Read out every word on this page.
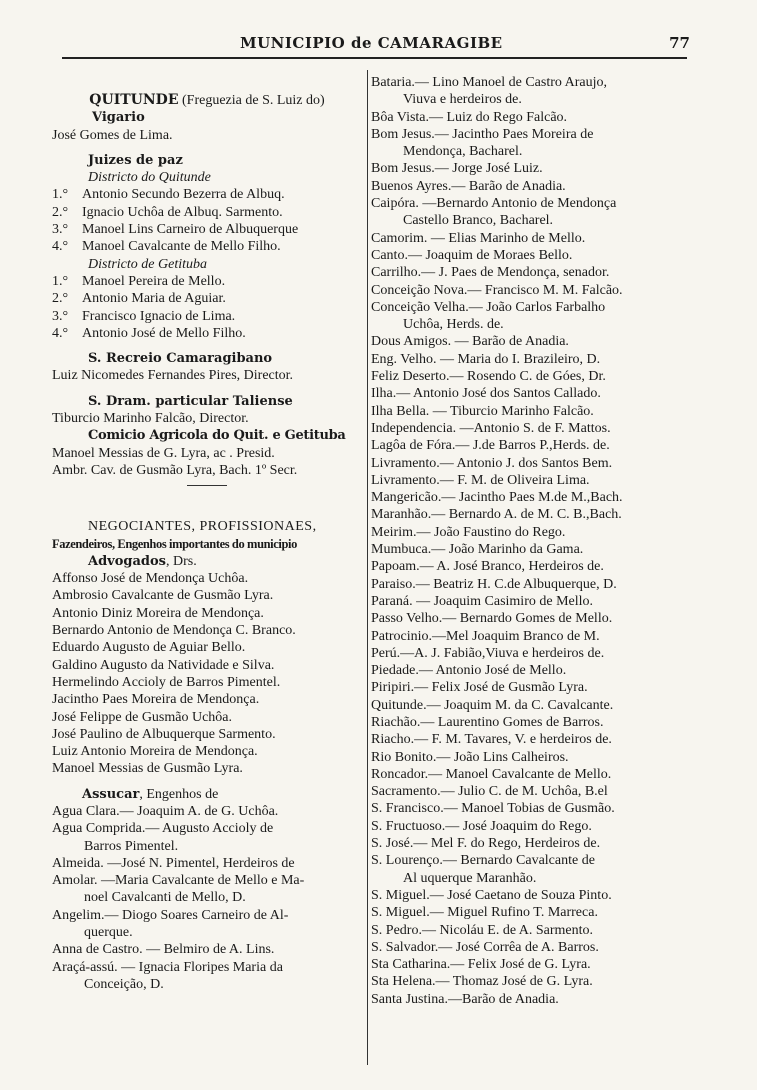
MUNICIPIO de CAMARAGIBE	77
QUITUNDE (Freguezia de S. Luiz do)
Vigario
José Gomes de Lima.
Juizes de paz
Districto do Quitunde
1.° Antonio Secundo Bezerra de Albuq.
2.° Ignacio Uchôa de Albuq. Sarmento.
3.° Manoel Lins Carneiro de Albuquerque
4.° Manoel Cavalcante de Mello Filho.
Districto de Getituba
1.° Manoel Pereira de Mello.
2.° Antonio Maria de Aguiar.
3.° Francisco Ignacio de Lima.
4.° Antonio José de Mello Filho.
S. Recreio Camaragibano
Luiz Nicomedes Fernandes Pires, Director.
S. Dram. particular Taliense
Tiburcio Marinho Falcão, Director.
Comicio Agricola do Quit. e Getituba
Manoel Messias de G. Lyra, ac . Presid.
Ambr. Cav. de Gusmão Lyra, Bach. 1º Secr.
NEGOCIANTES, PROFISSIONAES,
Fazendeiros, Engenhos importantes do municipio
Advogados, Drs.
Affonso José de Mendonça Uchôa.
Ambrosio Cavalcante de Gusmão Lyra.
Antonio Diniz Moreira de Mendonça.
Bernardo Antonio de Mendonça C. Branco.
Eduardo Augusto de Aguiar Bello.
Galdino Augusto da Natividade e Silva.
Hermelindo Accioly de Barros Pimentel.
Jacintho Paes Moreira de Mendonça.
José Felippe de Gusmão Uchôa.
José Paulino de Albuquerque Sarmento.
Luiz Antonio Moreira de Mendonça.
Manoel Messias de Gusmão Lyra.
Assucar, Engenhos de
Agua Clara.— Joaquim A. de G. Uchôa.
Agua Comprida.— Augusto Accioly de
Barros Pimentel.
Almeida. —José N. Pimentel, Herdeiros de
Amolar. —Maria Cavalcante de Mello e Ma-
noel Cavalcanti de Mello, D.
Angelim.— Diogo Soares Carneiro de Al-
querque.
Anna de Castro. — Belmiro de A. Lins.
Araçá-assú. — Ignacia Floripes Maria da
Conceição, D.
Bataria.— Lino Manoel de Castro Araujo,
Viuva e herdeiros de.
Bôa Vista.— Luiz do Rego Falcão.
Bom Jesus.— Jacintho Paes Moreira de
Mendonça, Bacharel.
Bom Jesus.— Jorge José Luiz.
Buenos Ayres.— Barão de Anadia.
Caipóra. —Bernardo Antonio de Mendonça
Castello Branco, Bacharel.
Camorim. — Elias Marinho de Mello.
Canto.— Joaquim de Moraes Bello.
Carrilho.— J. Paes de Mendonça, senador.
Conceição Nova.— Francisco M. M. Falcão.
Conceição Velha.— João Carlos Farbalho
Uchôa, Herds. de.
Dous Amigos. — Barão de Anadia.
Eng. Velho. — Maria do I. Brazileiro, D.
Feliz Deserto.— Rosendo C. de Góes, Dr.
Ilha.— Antonio José dos Santos Callado.
Ilha Bella. — Tiburcio Marinho Falcão.
Independencia. —Antonio S. de F. Mattos.
Lagôa de Fóra.— J.de Barros P.,Herds. de.
Livramento.— Antonio J. dos Santos Bem.
Livramento.— F. M. de Oliveira Lima.
Mangericão.— Jacintho Paes M.de M.,Bach.
Maranhão.— Bernardo A. de M. C. B.,Bach.
Meirim.— João Faustino do Rego.
Mumbuca.— João Marinho da Gama.
Papoam.— A. José Branco, Herdeiros de.
Paraiso.— Beatriz H. C.de Albuquerque, D.
Paraná. — Joaquim Casimiro de Mello.
Passo Velho.— Bernardo Gomes de Mello.
Patrocinio.—Mel Joaquim Branco de M.
Perú.—A. J. Fabião,Viuva e herdeiros de.
Piedade.— Antonio José de Mello.
Piripiri.— Felix José de Gusmão Lyra.
Quitunde.— Joaquim M. da C. Cavalcante.
Riachão.— Laurentino Gomes de Barros.
Riacho.— F. M. Tavares, V. e herdeiros de.
Rio Bonito.— João Lins Calheiros.
Roncador.— Manoel Cavalcante de Mello.
Sacramento.— Julio C. de M. Uchôa, B.el
S. Francisco.— Manoel Tobias de Gusmão.
S. Fructuoso.— José Joaquim do Rego.
S. José.— Mel F. do Rego, Herdeiros de.
S. Lourenço.— Bernardo Cavalcante de
Al uquerque Maranhão.
S. Miguel.— José Caetano de Souza Pinto.
S. Miguel.— Miguel Rufino T. Marreca.
S. Pedro.— Nicoláu E. de A. Sarmento.
S. Salvador.— José Corrêa de A. Barros.
Sta Catharina.— Felix José de G. Lyra.
Sta Helena.— Thomaz José de G. Lyra.
Santa Justina.—Barão de Anadia.
